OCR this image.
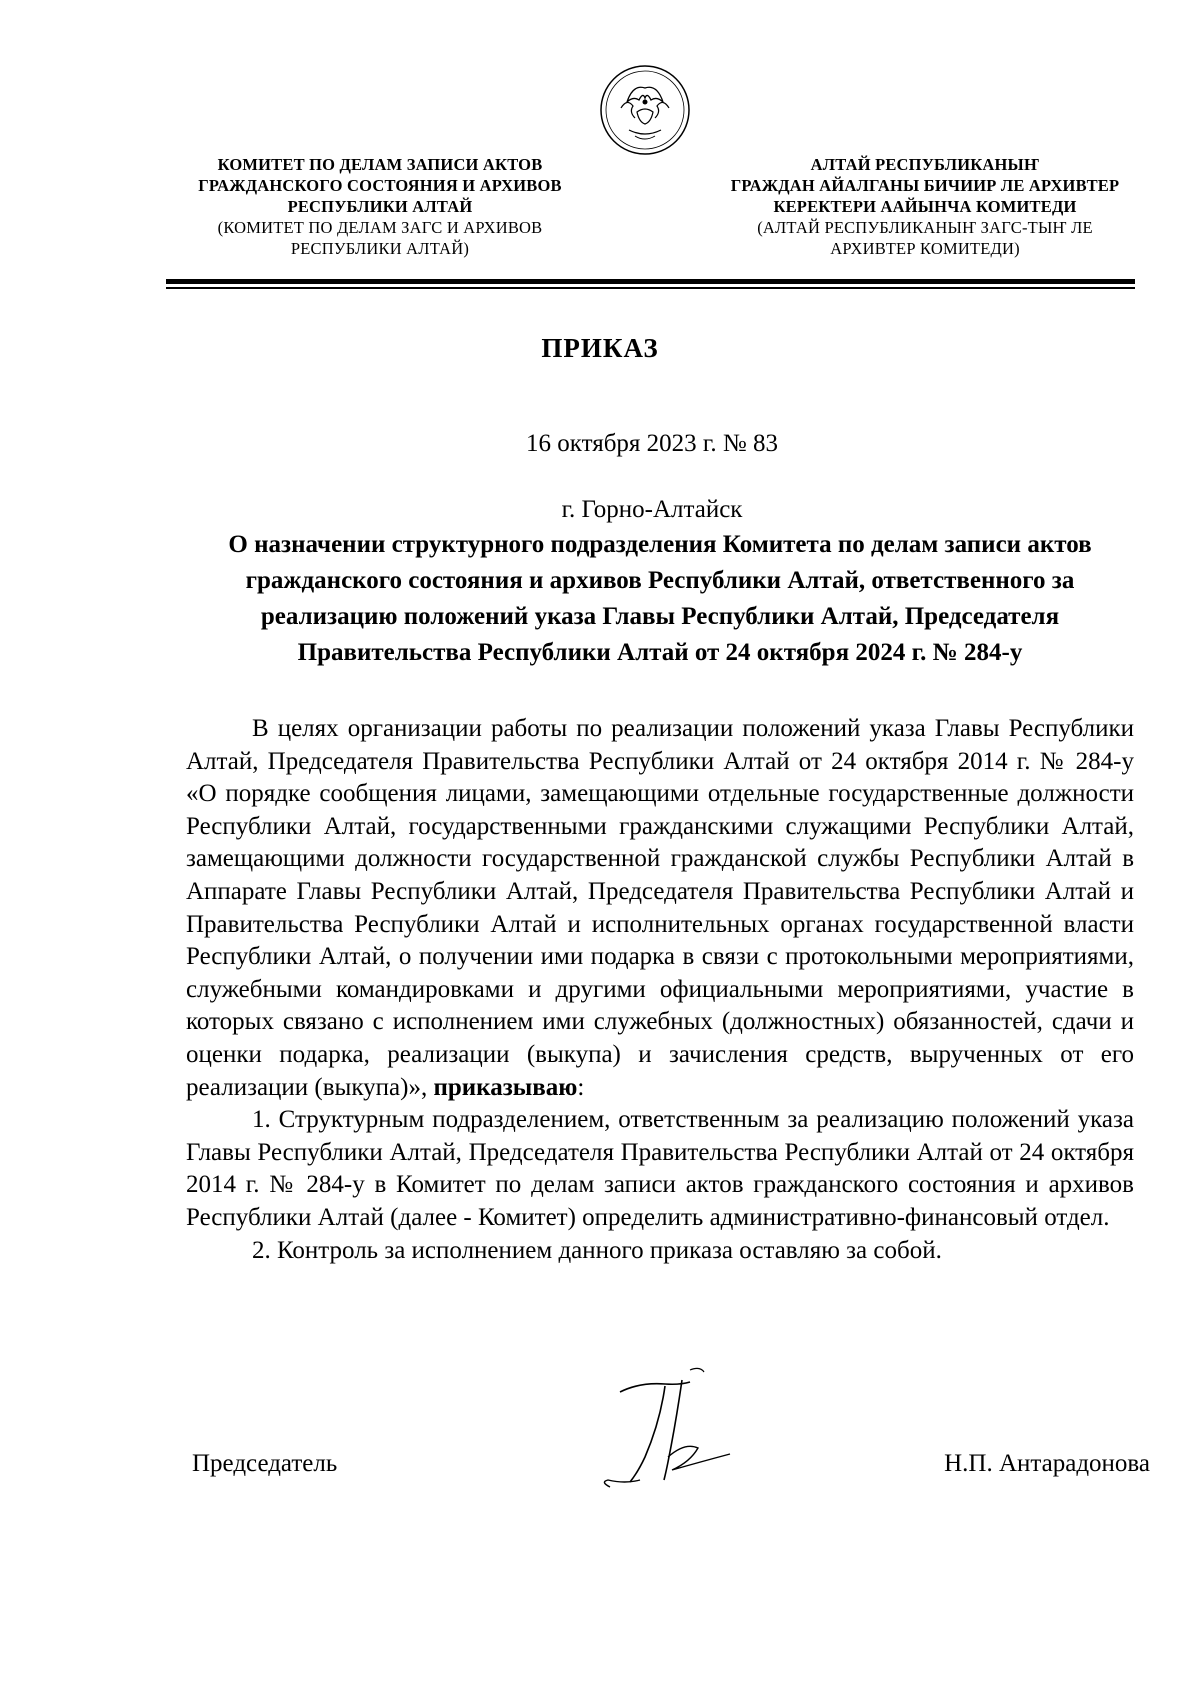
КОМИТЕТ ПО ДЕЛАМ ЗАПИСИ АКТОВ
ГРАЖДАНСКОГО СОСТОЯНИЯ И АРХИВОВ
РЕСПУБЛИКИ АЛТАЙ
(КОМИТЕТ ПО ДЕЛАМ ЗАГС И АРХИВОВ
РЕСПУБЛИКИ АЛТАЙ)
АЛТАЙ РЕСПУБЛИКАНЫҤ
ГРАЖДАН АЙАЛГАНЫ БИЧИИР ЛЕ АРХИВТЕР
КЕРЕКТЕРИ ААЙЫНЧА КОМИТЕДИ
(АЛТАЙ РЕСПУБЛИКАНЫҤ ЗАГС-ТЫҤ ЛЕ
АРХИВТЕР КОМИТЕДИ)
ПРИКАЗ
16 октября 2023 г. № 83
г. Горно-Алтайск
О назначении структурного подразделения Комитета по делам записи актов гражданского состояния и архивов Республики Алтай, ответственного за реализацию положений указа Главы Республики Алтай, Председателя Правительства Республики Алтай от 24 октября 2024 г. № 284-у

В целях организации работы по реализации положений указа Главы Республики Алтай, Председателя Правительства Республики Алтай от 24 октября 2014 г. № 284-у «О порядке сообщения лицами, замещающими отдельные государственные должности Республики Алтай, государственными гражданскими служащими Республики Алтай, замещающими должности государственной гражданской службы Республики Алтай в Аппарате Главы Республики Алтай, Председателя Правительства Республики Алтай и Правительства Республики Алтай и исполнительных органах государственной власти Республики Алтай, о получении ими подарка в связи с протокольными мероприятиями, служебными командировками и другими официальными мероприятиями, участие в которых связано с исполнением ими служебных (должностных) обязанностей, сдачи и оценки подарка, реализации (выкупа) и зачисления средств, вырученных от его реализации (выкупа)», приказываю:

1. Структурным подразделением, ответственным за реализацию положений указа Главы Республики Алтай, Председателя Правительства Республики Алтай от 24 октября 2014 г. № 284-у в Комитет по делам записи актов гражданского состояния и архивов Республики Алтай (далее - Комитет) определить административно-финансовый отдел.

2. Контроль за исполнением данного приказа оставляю за собой.

Председатель	Н.П. Антарадонова
